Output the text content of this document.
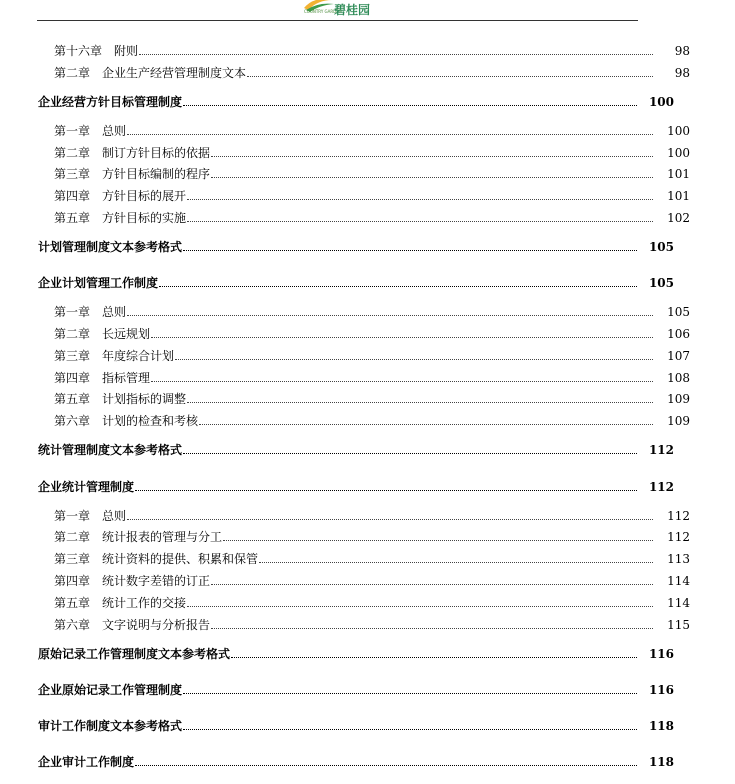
COUNTRY GARDEN
碧桂园
第十六章 附则	98
第二章 企业生产经营管理制度文本	98
企业经营方针目标管理制度	100
第一章 总则	100
第二章 制订方针目标的依据	100
第三章 方针目标编制的程序	101
第四章 方针目标的展开	101
第五章 方针目标的实施	102
计划管理制度文本参考格式	105
企业计划管理工作制度	105
第一章 总则	105
第二章 长远规划	106
第三章 年度综合计划	107
第四章 指标管理	108
第五章 计划指标的调整	109
第六章 计划的检查和考核	109
统计管理制度文本参考格式	112
企业统计管理制度	112
第一章 总则	112
第二章 统计报表的管理与分工	112
第三章 统计资料的提供、积累和保管	113
第四章 统计数字差错的订正	114
第五章 统计工作的交接	114
第六章 文字说明与分析报告	115
原始记录工作管理制度文本参考格式	116
企业原始记录工作管理制度	116
审计工作制度文本参考格式	118
企业审计工作制度	118
